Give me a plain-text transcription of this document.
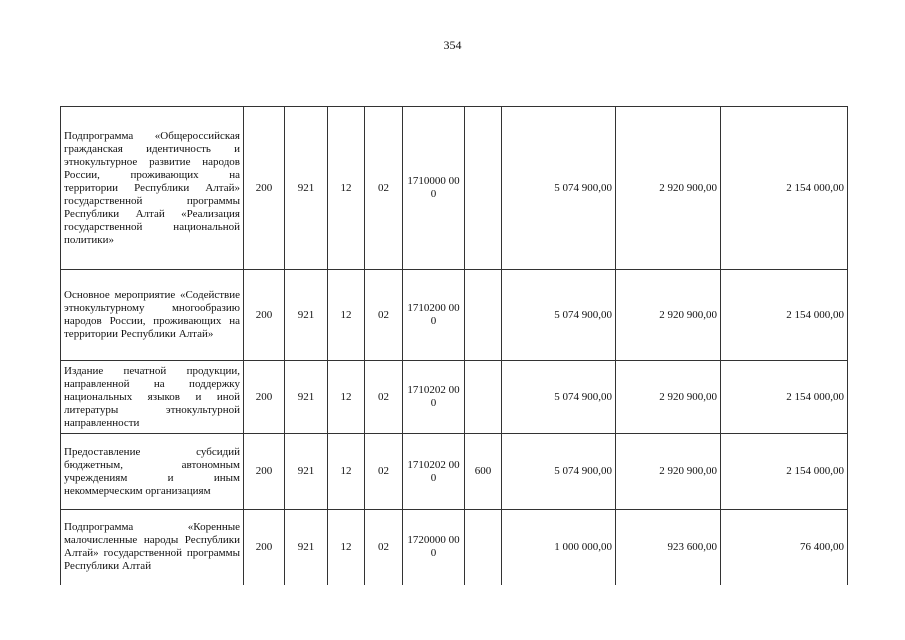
354
Подпрограмма «Общероссийская гражданская идентичность и этнокультурное развитие народов России, проживающих на территории Республики Алтай» государственной программы Республики Алтай «Реализация государственной национальной политики»	200	921	12	02	1710000 000		5 074 900,00	2 920 900,00	2 154 000,00
Основное мероприятие «Содействие этнокультурному многообразию народов России, проживающих на территории Республики Алтай»	200	921	12	02	1710200 000		5 074 900,00	2 920 900,00	2 154 000,00
Издание печатной продукции, направленной на поддержку национальных языков и иной литературы этнокультурной направленности	200	921	12	02	1710202 000		5 074 900,00	2 920 900,00	2 154 000,00
Предоставление субсидий бюджетным, автономным учреждениям и иным некоммерческим организациям	200	921	12	02	1710202 000	600	5 074 900,00	2 920 900,00	2 154 000,00
Подпрограмма «Коренные малочисленные народы Республики Алтай» государственной программы Республики Алтай	200	921	12	02	1720000 000		1 000 000,00	923 600,00	76 400,00
